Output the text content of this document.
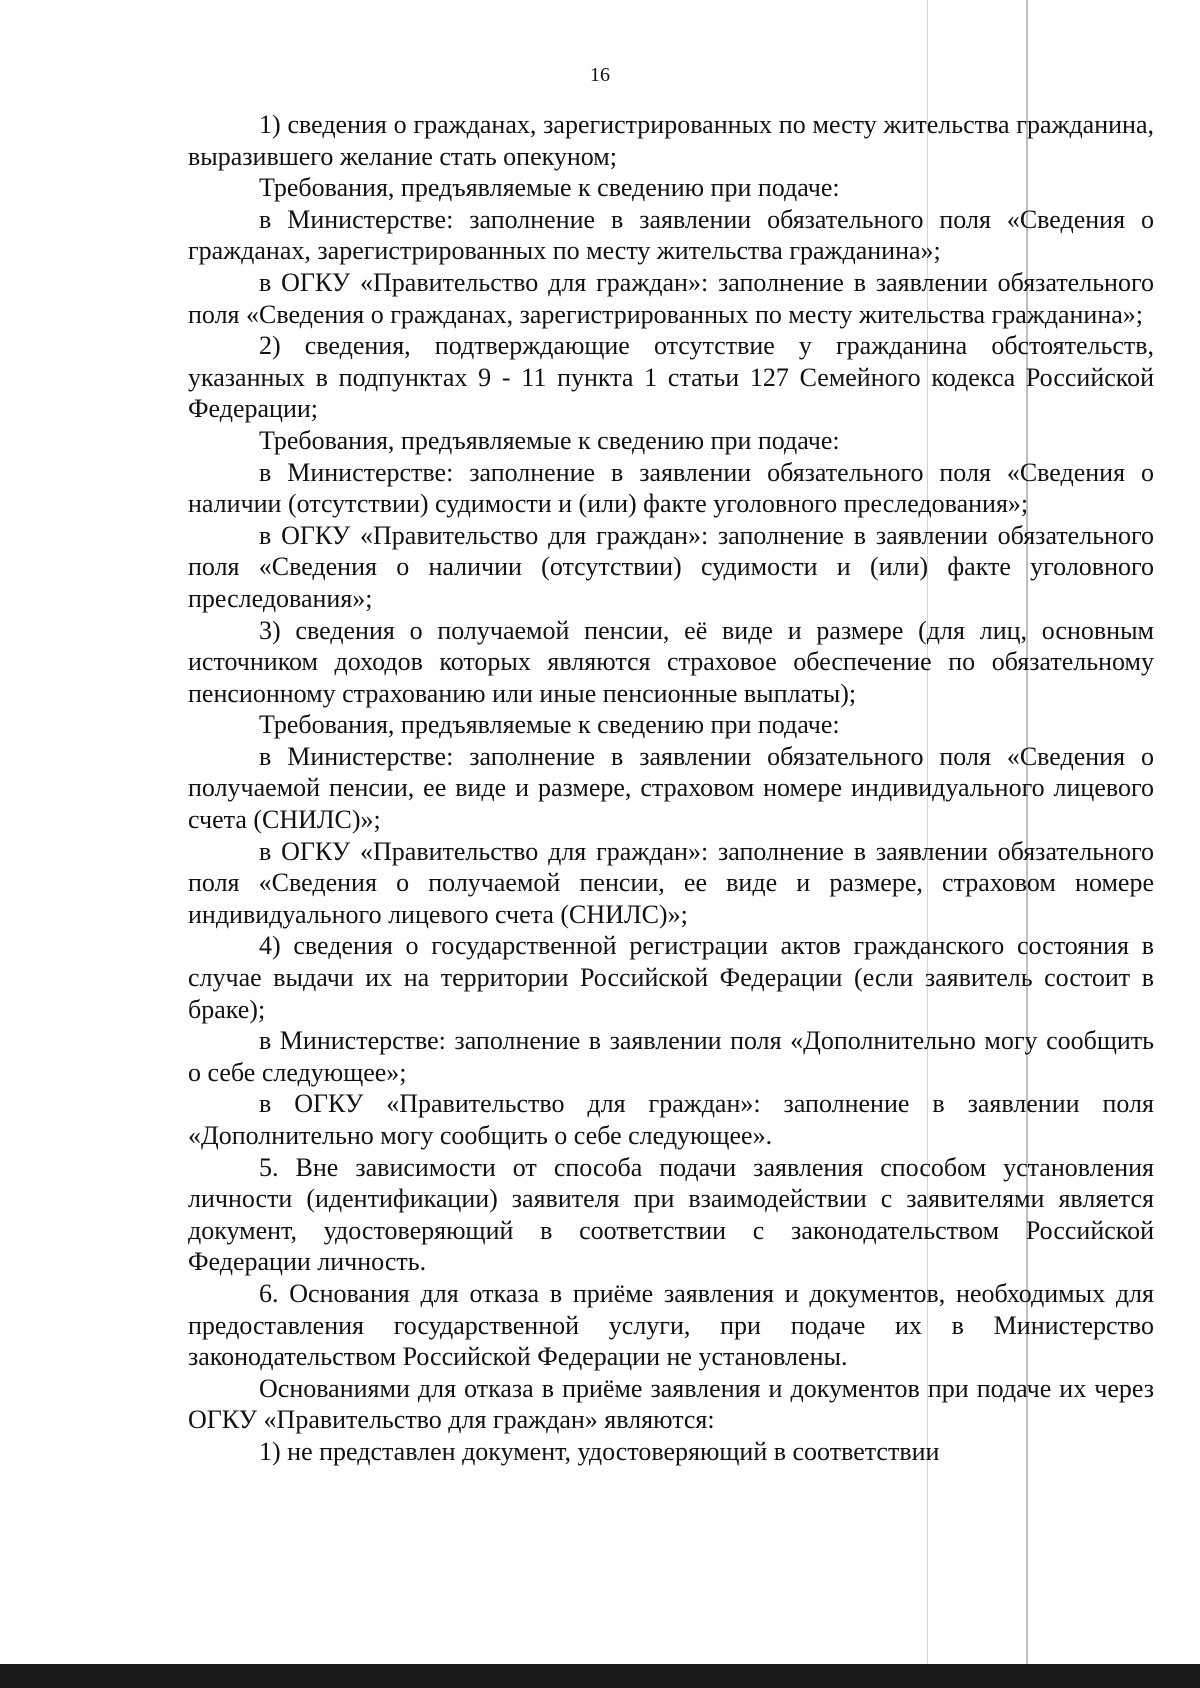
16

1) сведения о гражданах, зарегистрированных по месту жительства гражданина, выразившего желание стать опекуном;

Требования, предъявляемые к сведению при подаче:

в Министерстве: заполнение в заявлении обязательного поля «Сведения о гражданах, зарегистрированных по месту жительства гражданина»;

в ОГКУ «Правительство для граждан»: заполнение в заявлении обязательного поля «Сведения о гражданах, зарегистрированных по месту жительства гражданина»;

2) сведения, подтверждающие отсутствие у гражданина обстоятельств, указанных в подпунктах 9 - 11 пункта 1 статьи 127 Семейного кодекса Российской Федерации;

Требования, предъявляемые к сведению при подаче:

в Министерстве: заполнение в заявлении обязательного поля «Сведения о наличии (отсутствии) судимости и (или) факте уголовного преследования»;

в ОГКУ «Правительство для граждан»: заполнение в заявлении обязательного поля «Сведения о наличии (отсутствии) судимости и (или) факте уголовного преследования»;

3) сведения о получаемой пенсии, её виде и размере (для лиц, основным источником доходов которых являются страховое обеспечение по обязательному пенсионному страхованию или иные пенсионные выплаты);

Требования, предъявляемые к сведению при подаче:

в Министерстве: заполнение в заявлении обязательного поля «Сведения о получаемой пенсии, ее виде и размере, страховом номере индивидуального лицевого счета (СНИЛС)»;

в ОГКУ «Правительство для граждан»: заполнение в заявлении обязательного поля «Сведения о получаемой пенсии, ее виде и размере, страховом номере индивидуального лицевого счета (СНИЛС)»;

4) сведения о государственной регистрации актов гражданского состояния в случае выдачи их на территории Российской Федерации (если заявитель состоит в браке);

в Министерстве: заполнение в заявлении поля «Дополнительно могу сообщить о себе следующее»;

в ОГКУ «Правительство для граждан»: заполнение в заявлении поля «Дополнительно могу сообщить о себе следующее».

5. Вне зависимости от способа подачи заявления способом установления личности (идентификации) заявителя при взаимодействии с заявителями является документ, удостоверяющий в соответствии с законодательством Российской Федерации личность.

6. Основания для отказа в приёме заявления и документов, необходимых для предоставления государственной услуги, при подаче их в Министерство законодательством Российской Федерации не установлены.

Основаниями для отказа в приёме заявления и документов при подаче их через ОГКУ «Правительство для граждан» являются:

1) не представлен документ, удостоверяющий в соответствии
